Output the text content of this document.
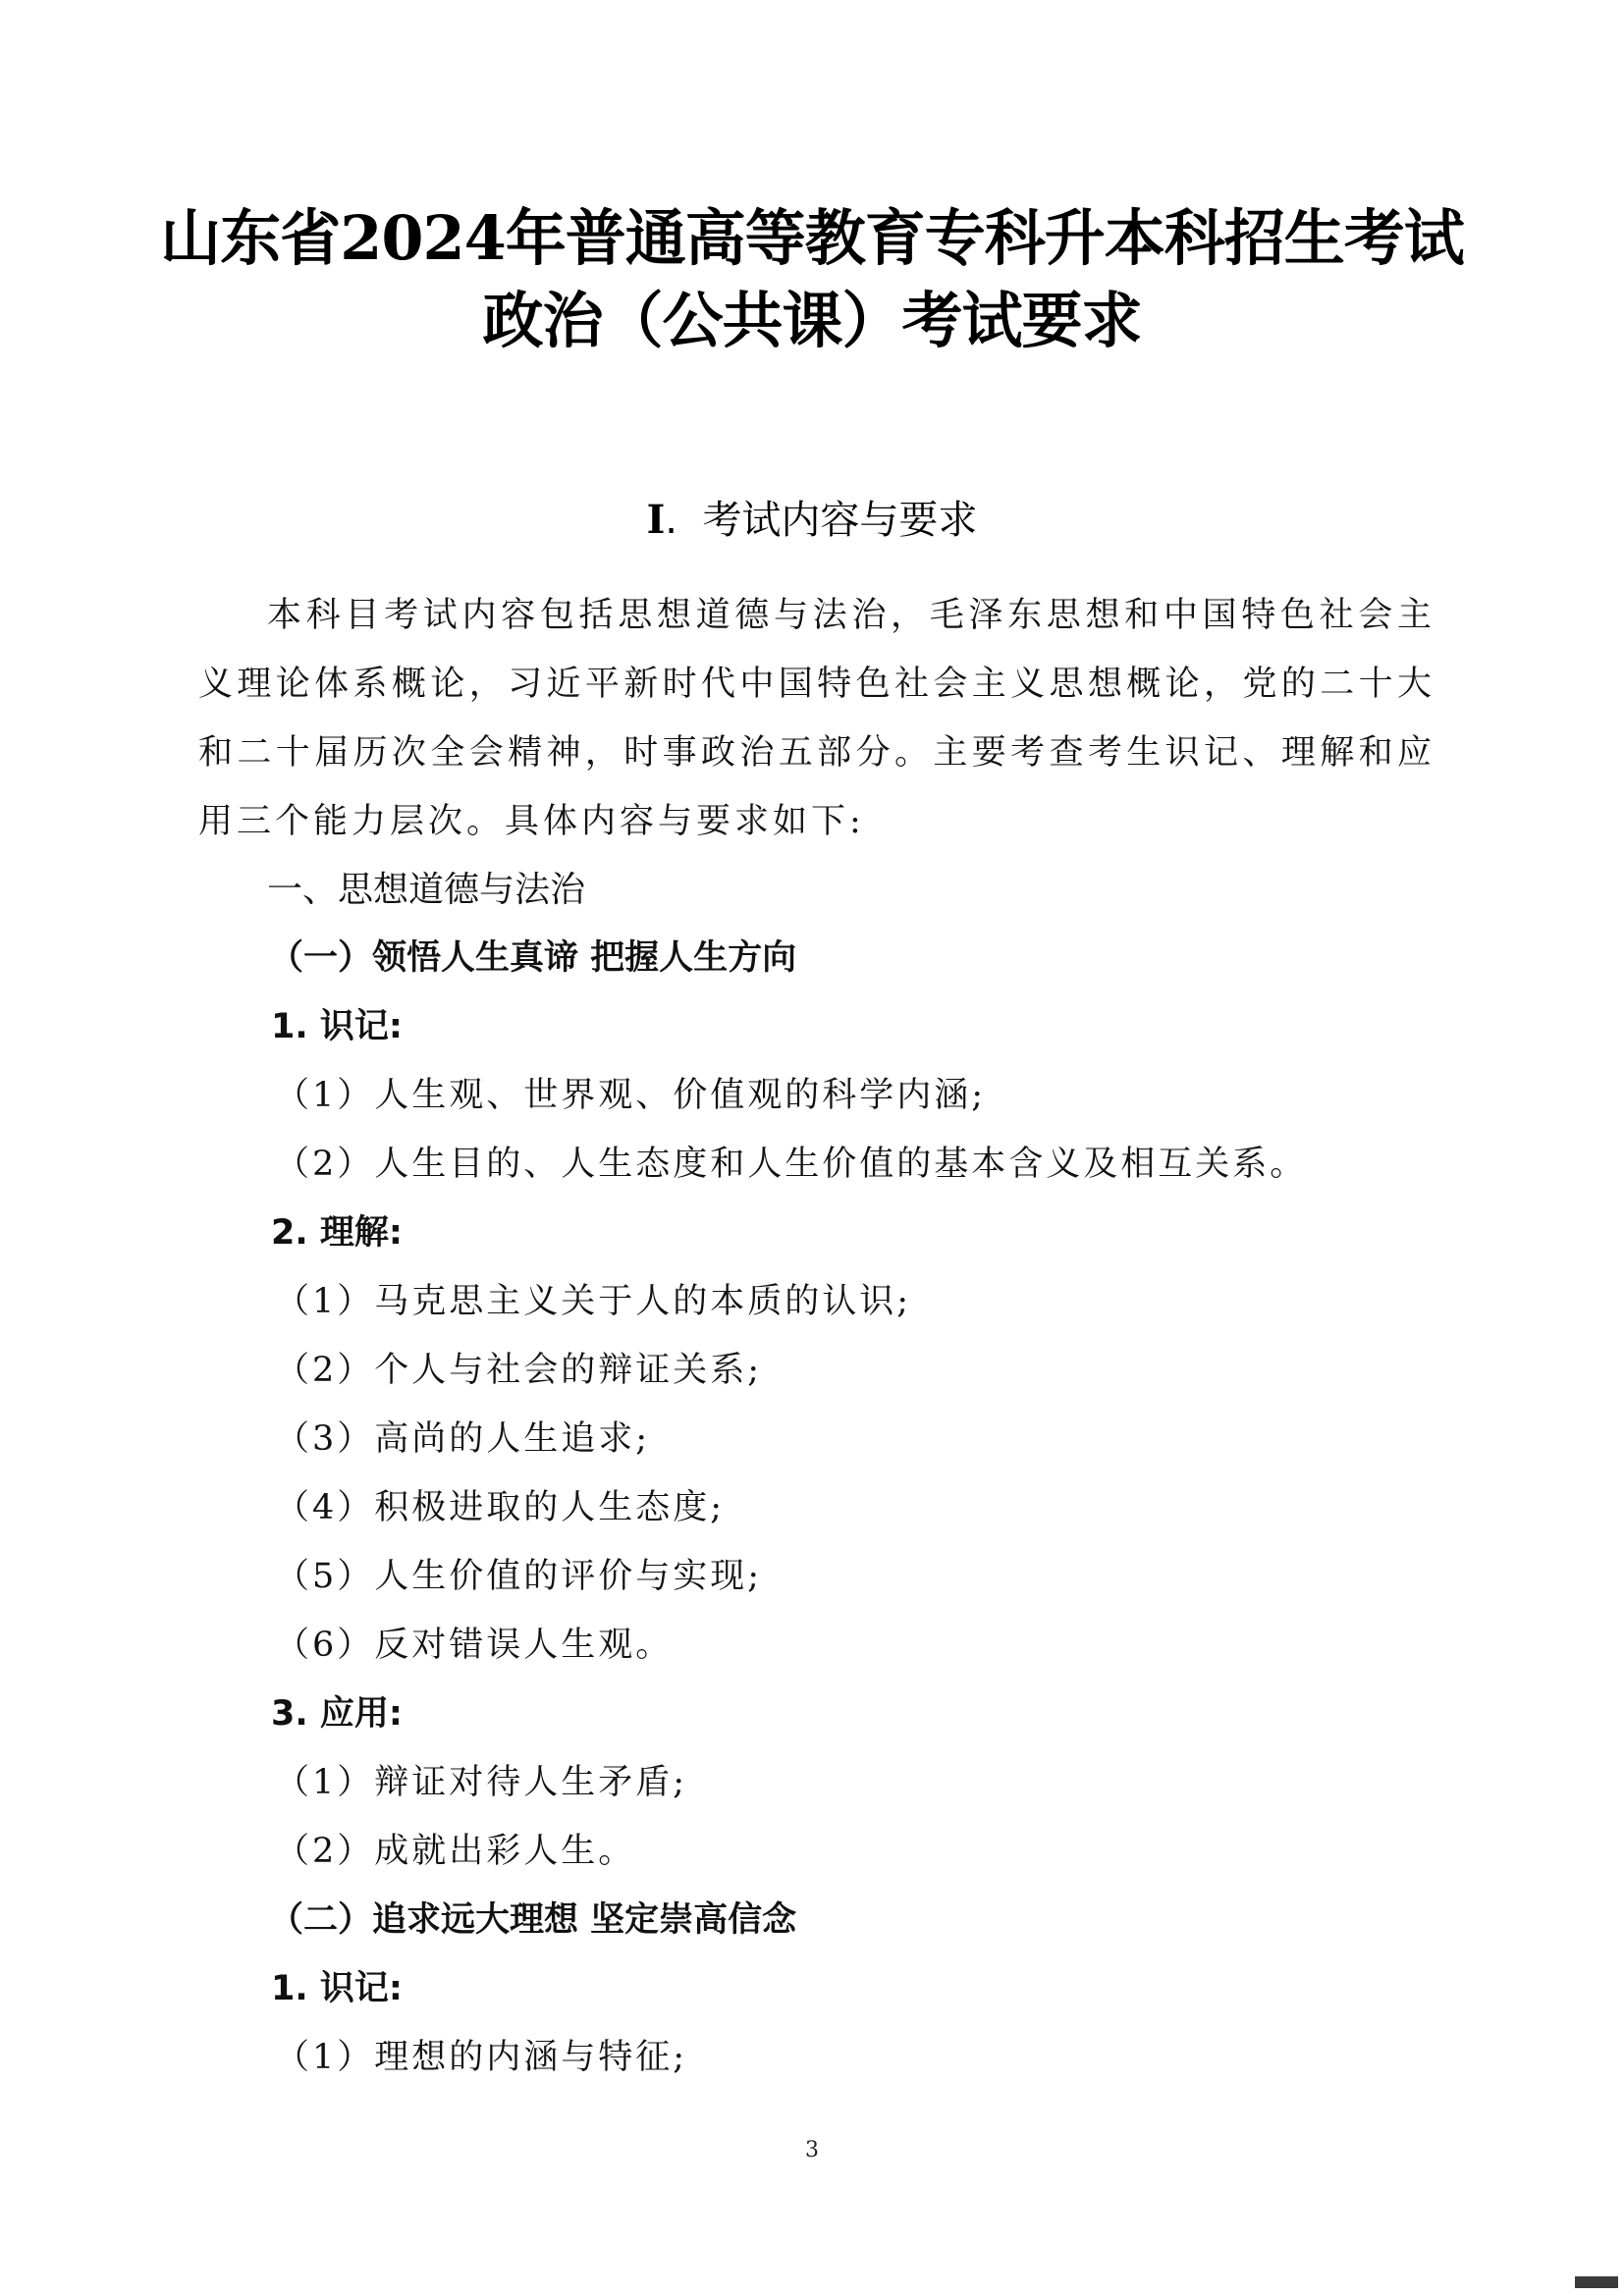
山东省2024年普通高等教育专科升本科招生考试
政治（公共课）考试要求
I. 考试内容与要求
本科目考试内容包括思想道德与法治，毛泽东思想和中国特色社会主义理论体系概论，习近平新时代中国特色社会主义思想概论，党的二十大和二十届历次全会精神，时事政治五部分。主要考查考生识记、理解和应用三个能力层次。具体内容与要求如下:
一、思想道德与法治
（一）领悟人生真谛 把握人生方向
1. 识记:
（1）人生观、世界观、价值观的科学内涵;
（2）人生目的、人生态度和人生价值的基本含义及相互关系。
2. 理解:
（1）马克思主义关于人的本质的认识;
（2）个人与社会的辩证关系;
（3）高尚的人生追求;
（4）积极进取的人生态度;
（5）人生价值的评价与实现;
（6）反对错误人生观。
3. 应用:
（1）辩证对待人生矛盾;
（2）成就出彩人生。
（二）追求远大理想 坚定崇高信念
1. 识记:
（1）理想的内涵与特征;
3
